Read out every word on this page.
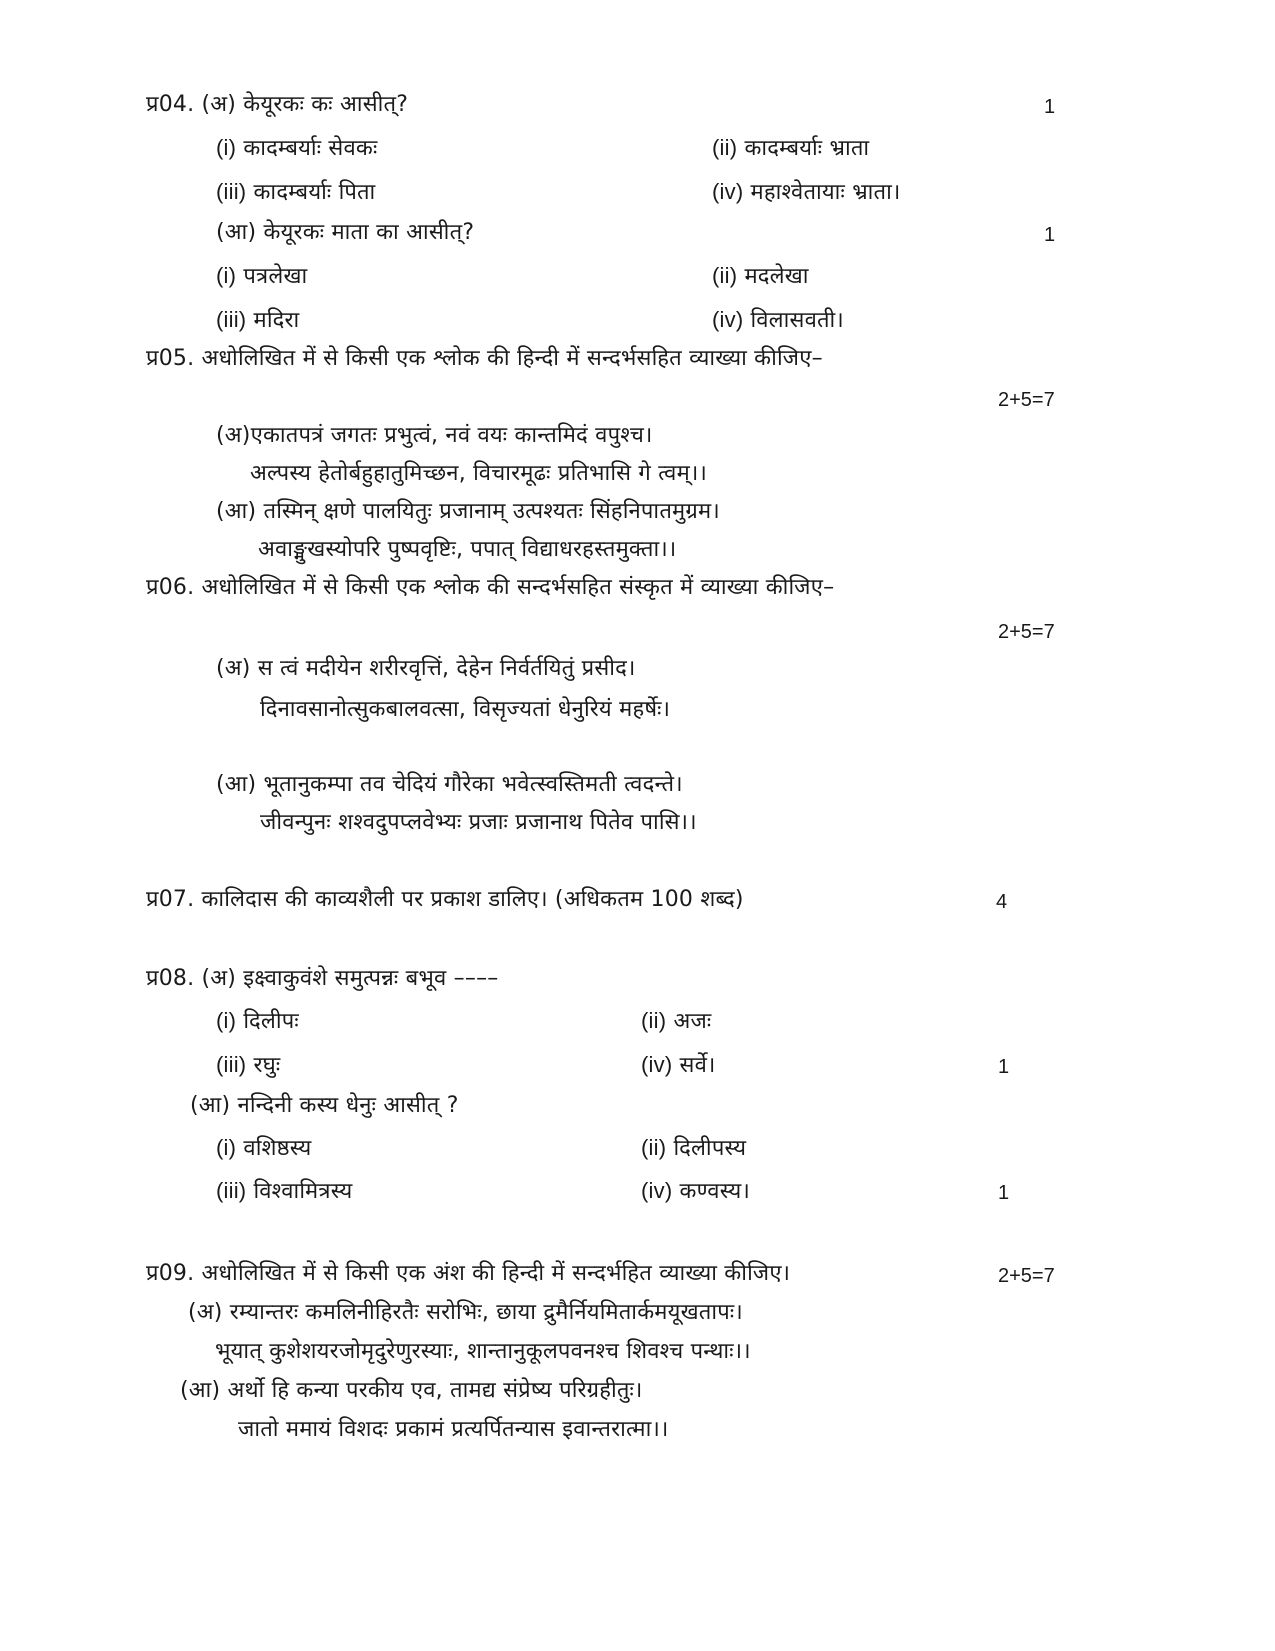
प्र04. (अ) केयूरकः कः आसीत्?	1
(i) कादम्बर्याः सेवकः	(ii) कादम्बर्याः भ्राता
(iii) कादम्बर्याः पिता	(iv) महाश्वेतायाः भ्राता।
(आ) केयूरकः माता का आसीत्?	1
(i) पत्रलेखा	(ii) मदलेखा
(iii) मदिरा	(iv) विलासवती।
प्र05. अधोलिखित में से किसी एक श्लोक की हिन्दी में सन्दर्भसहित व्याख्या कीजिए–
2+5=7
(अ)एकातपत्रं जगतः प्रभुत्वं, नवं वयः कान्तमिदं वपुश्च।
अल्पस्य हेतोर्बहुहातुमिच्छन, विचारमूढः प्रतिभासि गे त्वम्।।
(आ) तस्मिन् क्षणे पालयितुः प्रजानाम् उत्पश्यतः सिंहनिपातमुग्रम।
अवाङ्मुखस्योपरि पुष्पवृष्टिः, पपात् विद्याधरहस्तमुक्ता।।
प्र06. अधोलिखित में से किसी एक श्लोक की सन्दर्भसहित संस्कृत में व्याख्या कीजिए–
2+5=7
(अ) स त्वं मदीयेन शरीरवृत्तिं, देहेन निर्वर्तयितुं प्रसीद।
दिनावसानोत्सुकबालवत्सा, विसृज्यतां धेनुरियं महर्षेः।
(आ) भूतानुकम्पा तव चेदियं गौरेका भवेत्स्वस्तिमती त्वदन्ते।
जीवन्पुनः शश्वदुपप्लवेभ्यः प्रजाः प्रजानाथ पितेव पासि।।
प्र07. कालिदास की काव्यशैली पर प्रकाश डालिए। (अधिकतम 100 शब्द)	4
प्र08. (अ) इक्ष्वाकुवंशे समुत्पन्नः बभूव ––––
(i) दिलीपः	(ii) अजः
(iii) रघुः	(iv) सर्वे।	1
(आ) नन्दिनी कस्य धेनुः आसीत् ?
(i) वशिष्ठस्य	(ii) दिलीपस्य
(iii) विश्वामित्रस्य	(iv) कण्वस्य।	1
प्र09. अधोलिखित में से किसी एक अंश की हिन्दी में सन्दर्भहित व्याख्या कीजिए।	2+5=7
(अ) रम्यान्तरः कमलिनीहिरतैः सरोभिः, छाया द्रुमैर्नियमितार्कमयूखतापः।
भूयात् कुशेशयरजोमृदुरेणुरस्याः, शान्तानुकूलपवनश्च शिवश्च पन्थाः।।
(आ) अर्थो हि कन्या परकीय एव, तामद्य संप्रेष्य परिग्रहीतुः।
जातो ममायं विशदः प्रकामं प्रत्यर्पितन्यास इवान्तरात्मा।।
